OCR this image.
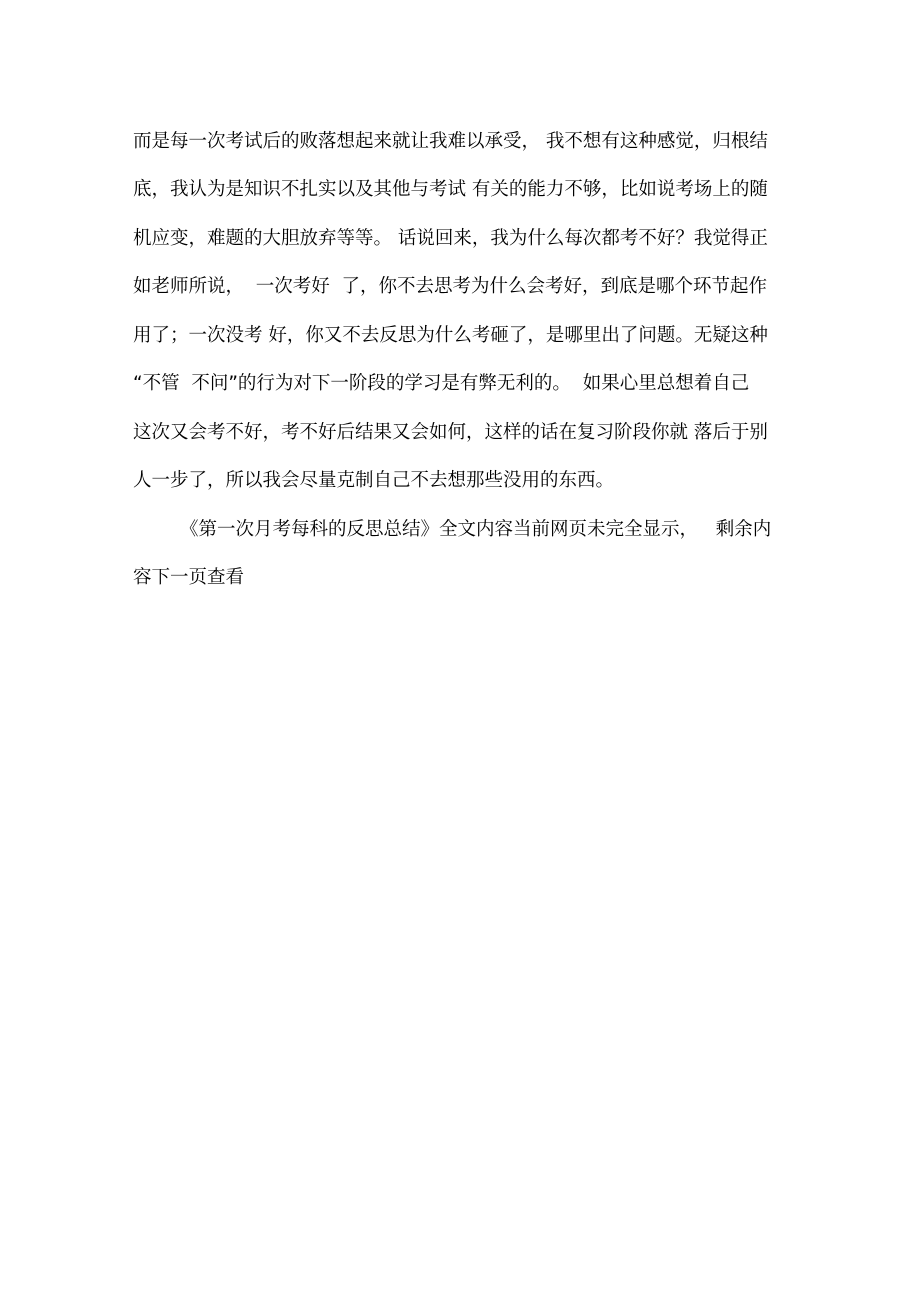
而是每一次考试后的败落想起来就让我难以承受， 我不想有这种感觉，归根结

底，我认为是知识不扎实以及其他与考试 有关的能力不够，比如说考场上的随

机应变，难题的大胆放弃等等。 话说回来，我为什么每次都考不好？我觉得正

如老师所说，  一次考好  了，你不去思考为什么会考好，到底是哪个环节起作

用了；一次没考 好，你又不去反思为什么考砸了，是哪里出了问题。无疑这种

“不管  不问”的行为对下一阶段的学习是有弊无利的。  如果心里总想着自己

这次又会考不好，考不好后结果又会如何，这样的话在复习阶段你就 落后于别

人一步了，所以我会尽量克制自己不去想那些没用的东西。

《第一次月考每科的反思总结》全文内容当前网页未完全显示，   剩余内

容下一页查看
